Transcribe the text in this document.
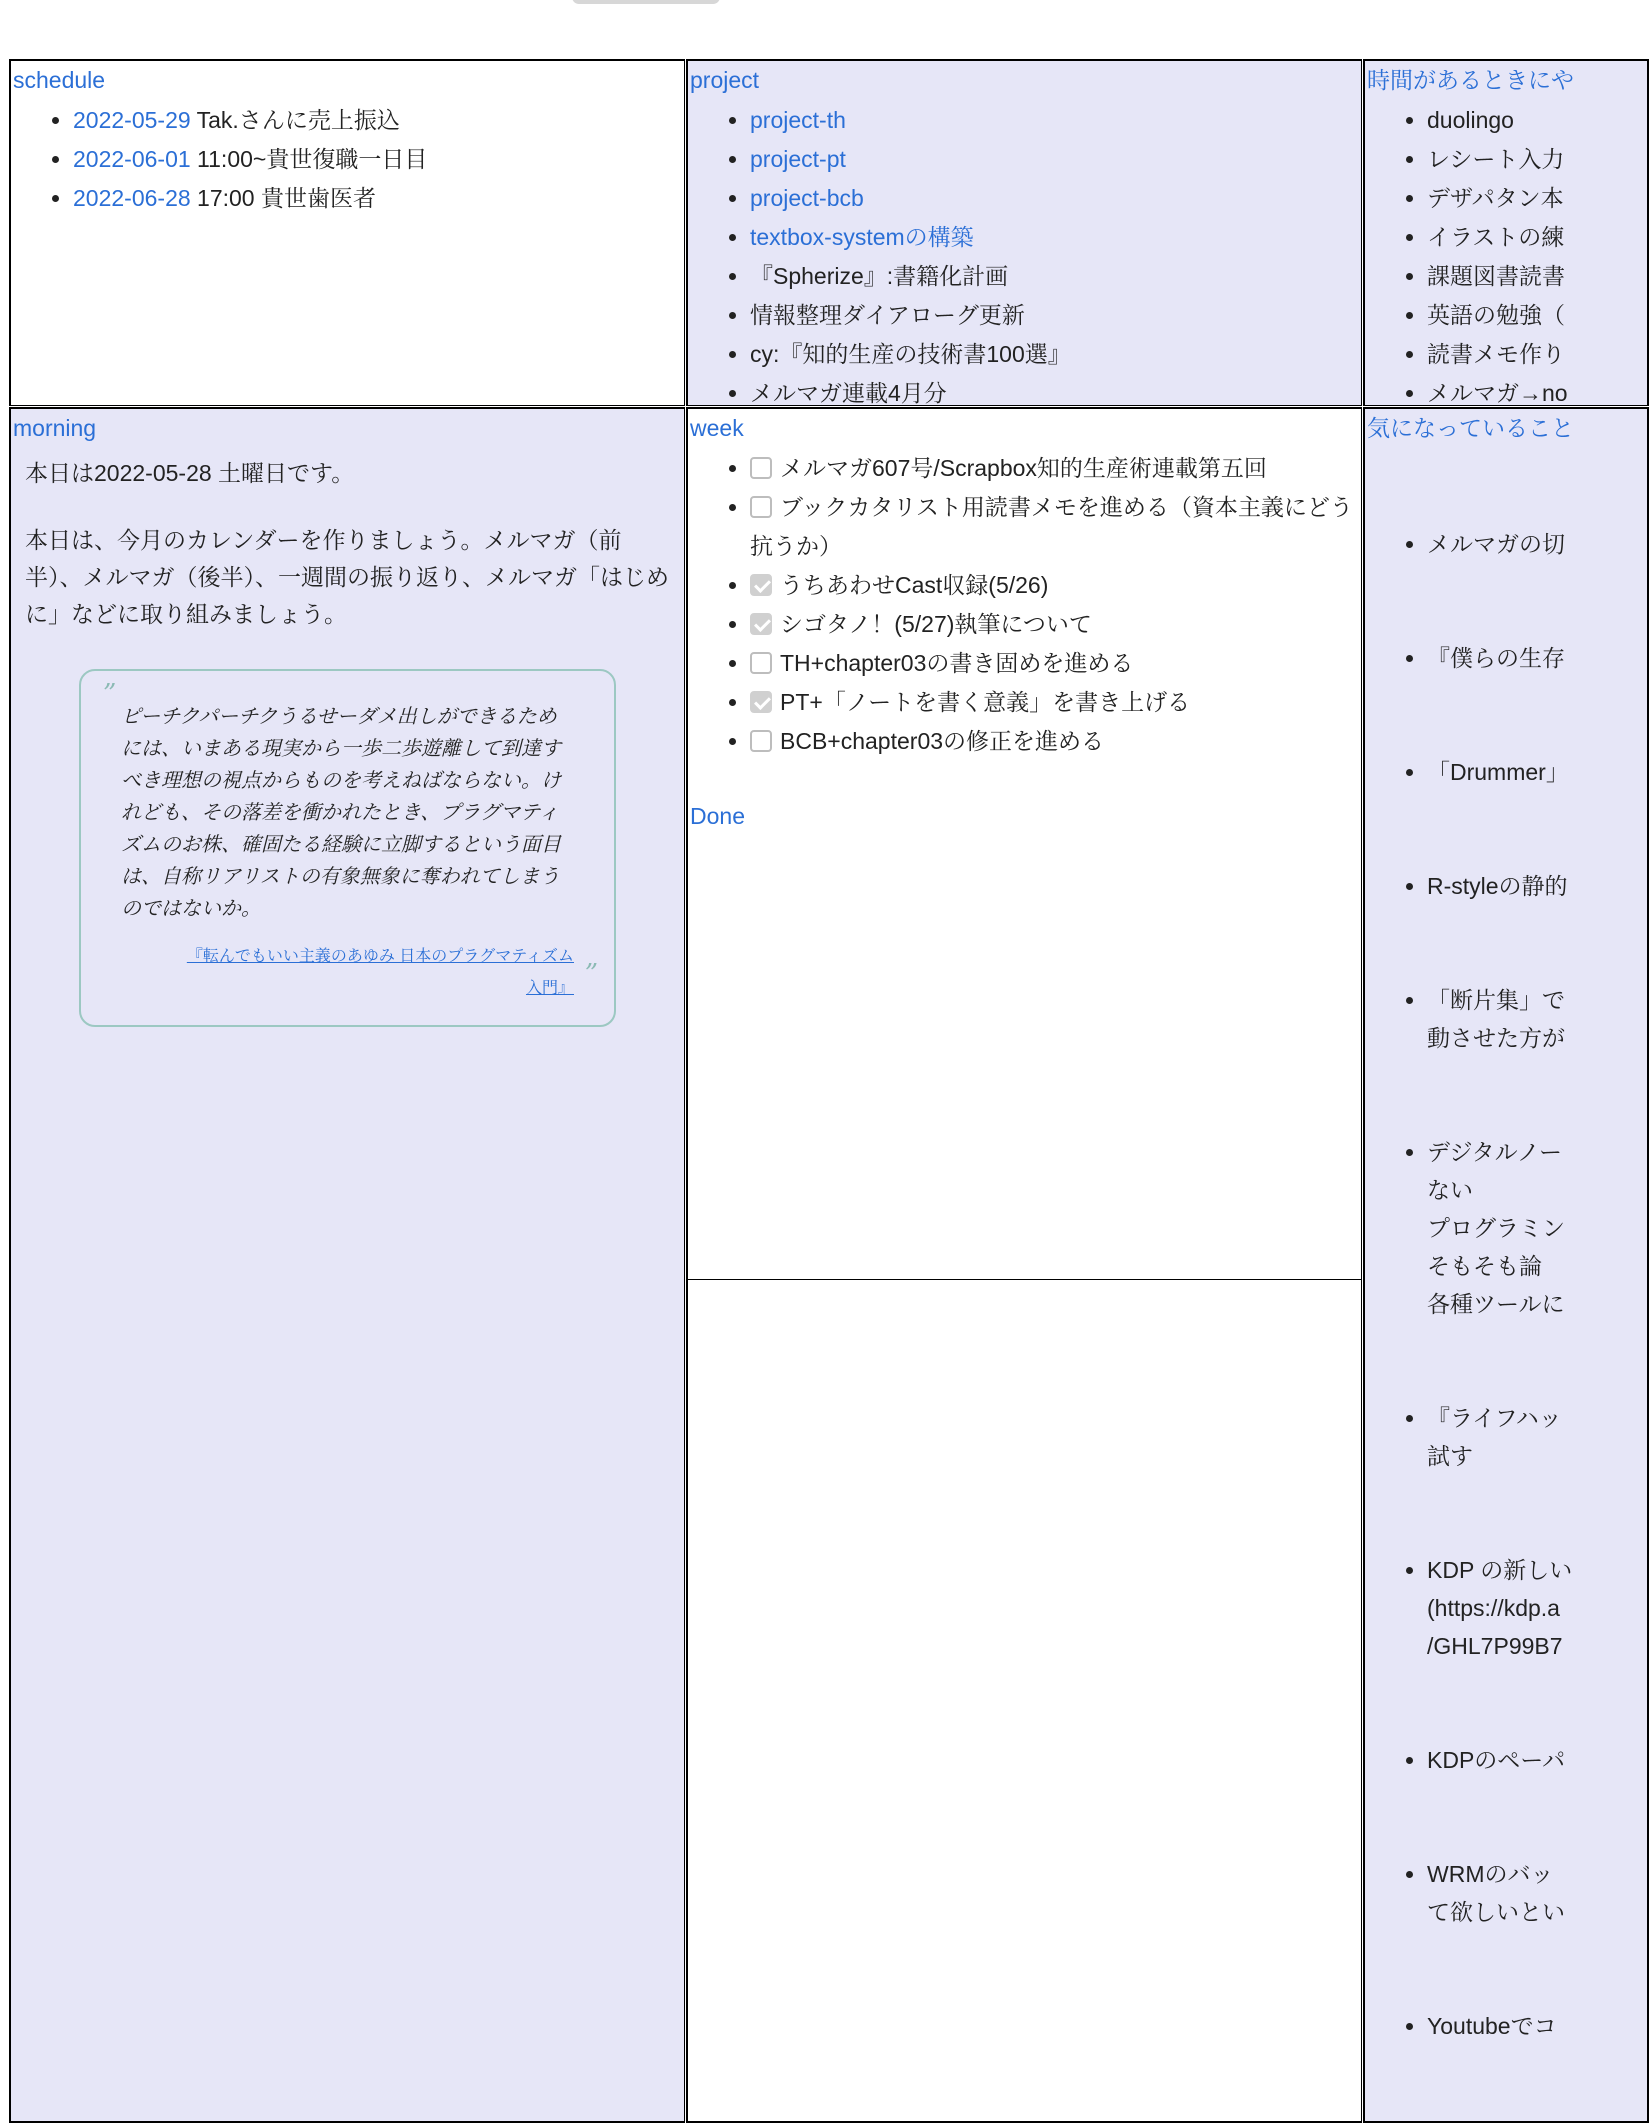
schedule
• 2022-05-29 Tak.さんに売上振込
• 2022-06-01 11:00~貴世復職一日目
• 2022-06-28 17:00 貴世歯医者
project
• project-th
• project-pt
• project-bcb
• textbox-systemの構築
• 『Spherize』:書籍化計画
• 情報整理ダイアローグ更新
• cy:『知的生産の技術書100選』
• メルマガ連載4月分
時間があるときにや
• duolingo
• レシート入力
• デザパタン本
• イラストの練
• 課題図書読書
• 英語の勉強（
• 読書メモ作り
• メルマガ→no
morning

本日は2022-05-28 土曜日です。

本日は、今月のカレンダーを作りましょう。メルマガ（前半）、メルマガ（後半）、一週間の振り返り、メルマガ「はじめに」などに取り組みましょう。

”
ピーチクパーチクうるせーダメ出しができるためには、いまある現実から一歩二歩遊離して到達すべき理想の視点からものを考えねばならない。けれども、その落差を衝かれたとき、プラグマティズムのお株、確固たる経験に立脚するという面目は、自称リアリストの有象無象に奪われてしまうのではないか。
『転んでもいい主義のあゆみ 日本のプラグマティズム入門』 ”
week
• メルマガ607号/Scrapbox知的生産術連載第五回
• ブックカタリスト用読書メモを進める（資本主義にどう抗うか）
• うちあわせCast収録(5/26)
• シゴタノ！(5/27)執筆について
• TH+chapter03の書き固めを進める
• PT+「ノートを書く意義」を書き上げる
• BCB+chapter03の修正を進める
Done
気になっていること

• メルマガの切

• 『僕らの生存

• 「Drummer」

• R-styleの静的

• 「断片集」で
動させた方が

• デジタルノー
ない
プログラミン
そもそも論
各種ツールに

• 『ライフハッ
試す

• KDP の新しい
(https://kdp.a
/GHL7P99B7

• KDPのペーパ

• WRMのバッ
て欲しいとい

• Youtubeでコ
